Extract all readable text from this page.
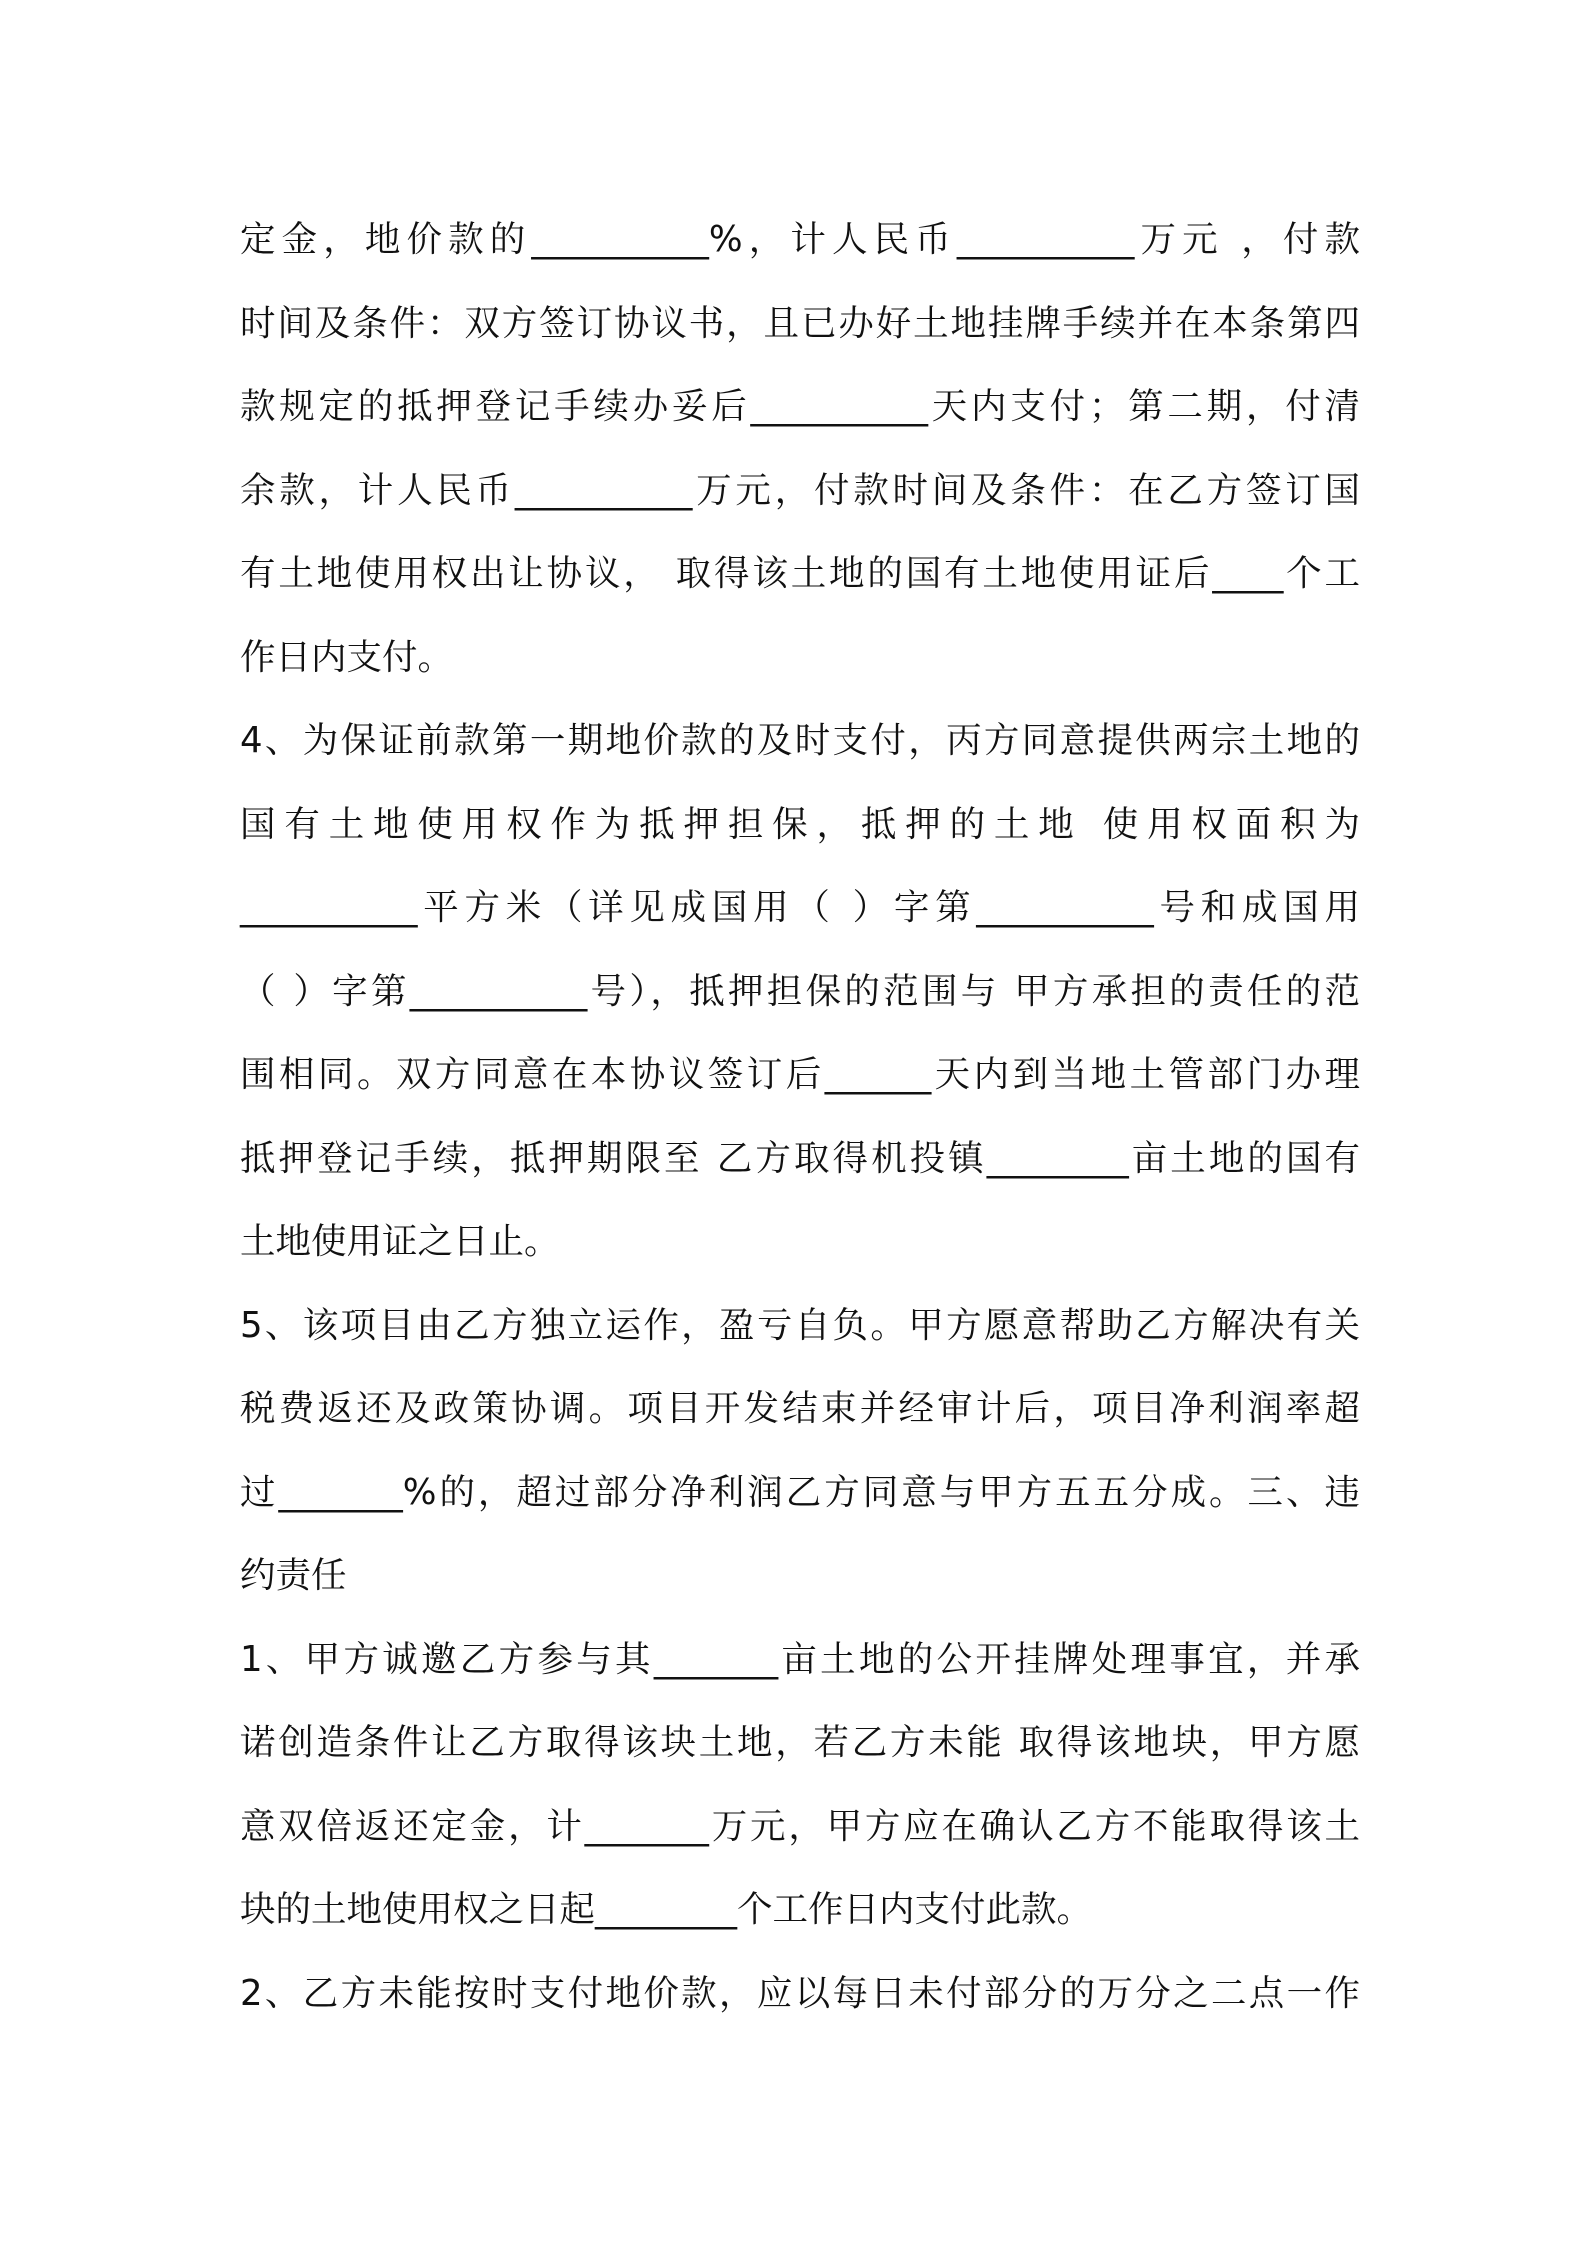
定金，地价款的__________%，计人民币__________万元 ，付款
时间及条件：双方签订协议书，且已办好土地挂牌手续并在本条第四
款规定的抵押登记手续办妥后__________天内支付；第二期，付清
余款，计人民币__________万元，付款时间及条件：在乙方签订国
有土地使用权出让协议， 取得该土地的国有土地使用证后____个工
作日内支付。
4、为保证前款第一期地价款的及时支付，丙方同意提供两宗土地的
国有土地使用权作为抵押担保，抵押的土地 使用权面积为
__________平方米（详见成国用（ ）字第__________号和成国用
（ ）字第__________号），抵押担保的范围与 甲方承担的责任的范
围相同。双方同意在本协议签订后______天内到当地土管部门办理
抵押登记手续，抵押期限至 乙方取得机投镇________亩土地的国有
土地使用证之日止。
5、该项目由乙方独立运作，盈亏自负。甲方愿意帮助乙方解决有关
税费返还及政策协调。项目开发结束并经审计后，项目净利润率超
过_______%的，超过部分净利润乙方同意与甲方五五分成。三、违
约责任
1、甲方诚邀乙方参与其_______亩土地的公开挂牌处理事宜，并承
诺创造条件让乙方取得该块土地，若乙方未能 取得该地块，甲方愿
意双倍返还定金，计_______万元，甲方应在确认乙方不能取得该土
块的土地使用权之日起________个工作日内支付此款。
2、乙方未能按时支付地价款，应以每日未付部分的万分之二点一作
